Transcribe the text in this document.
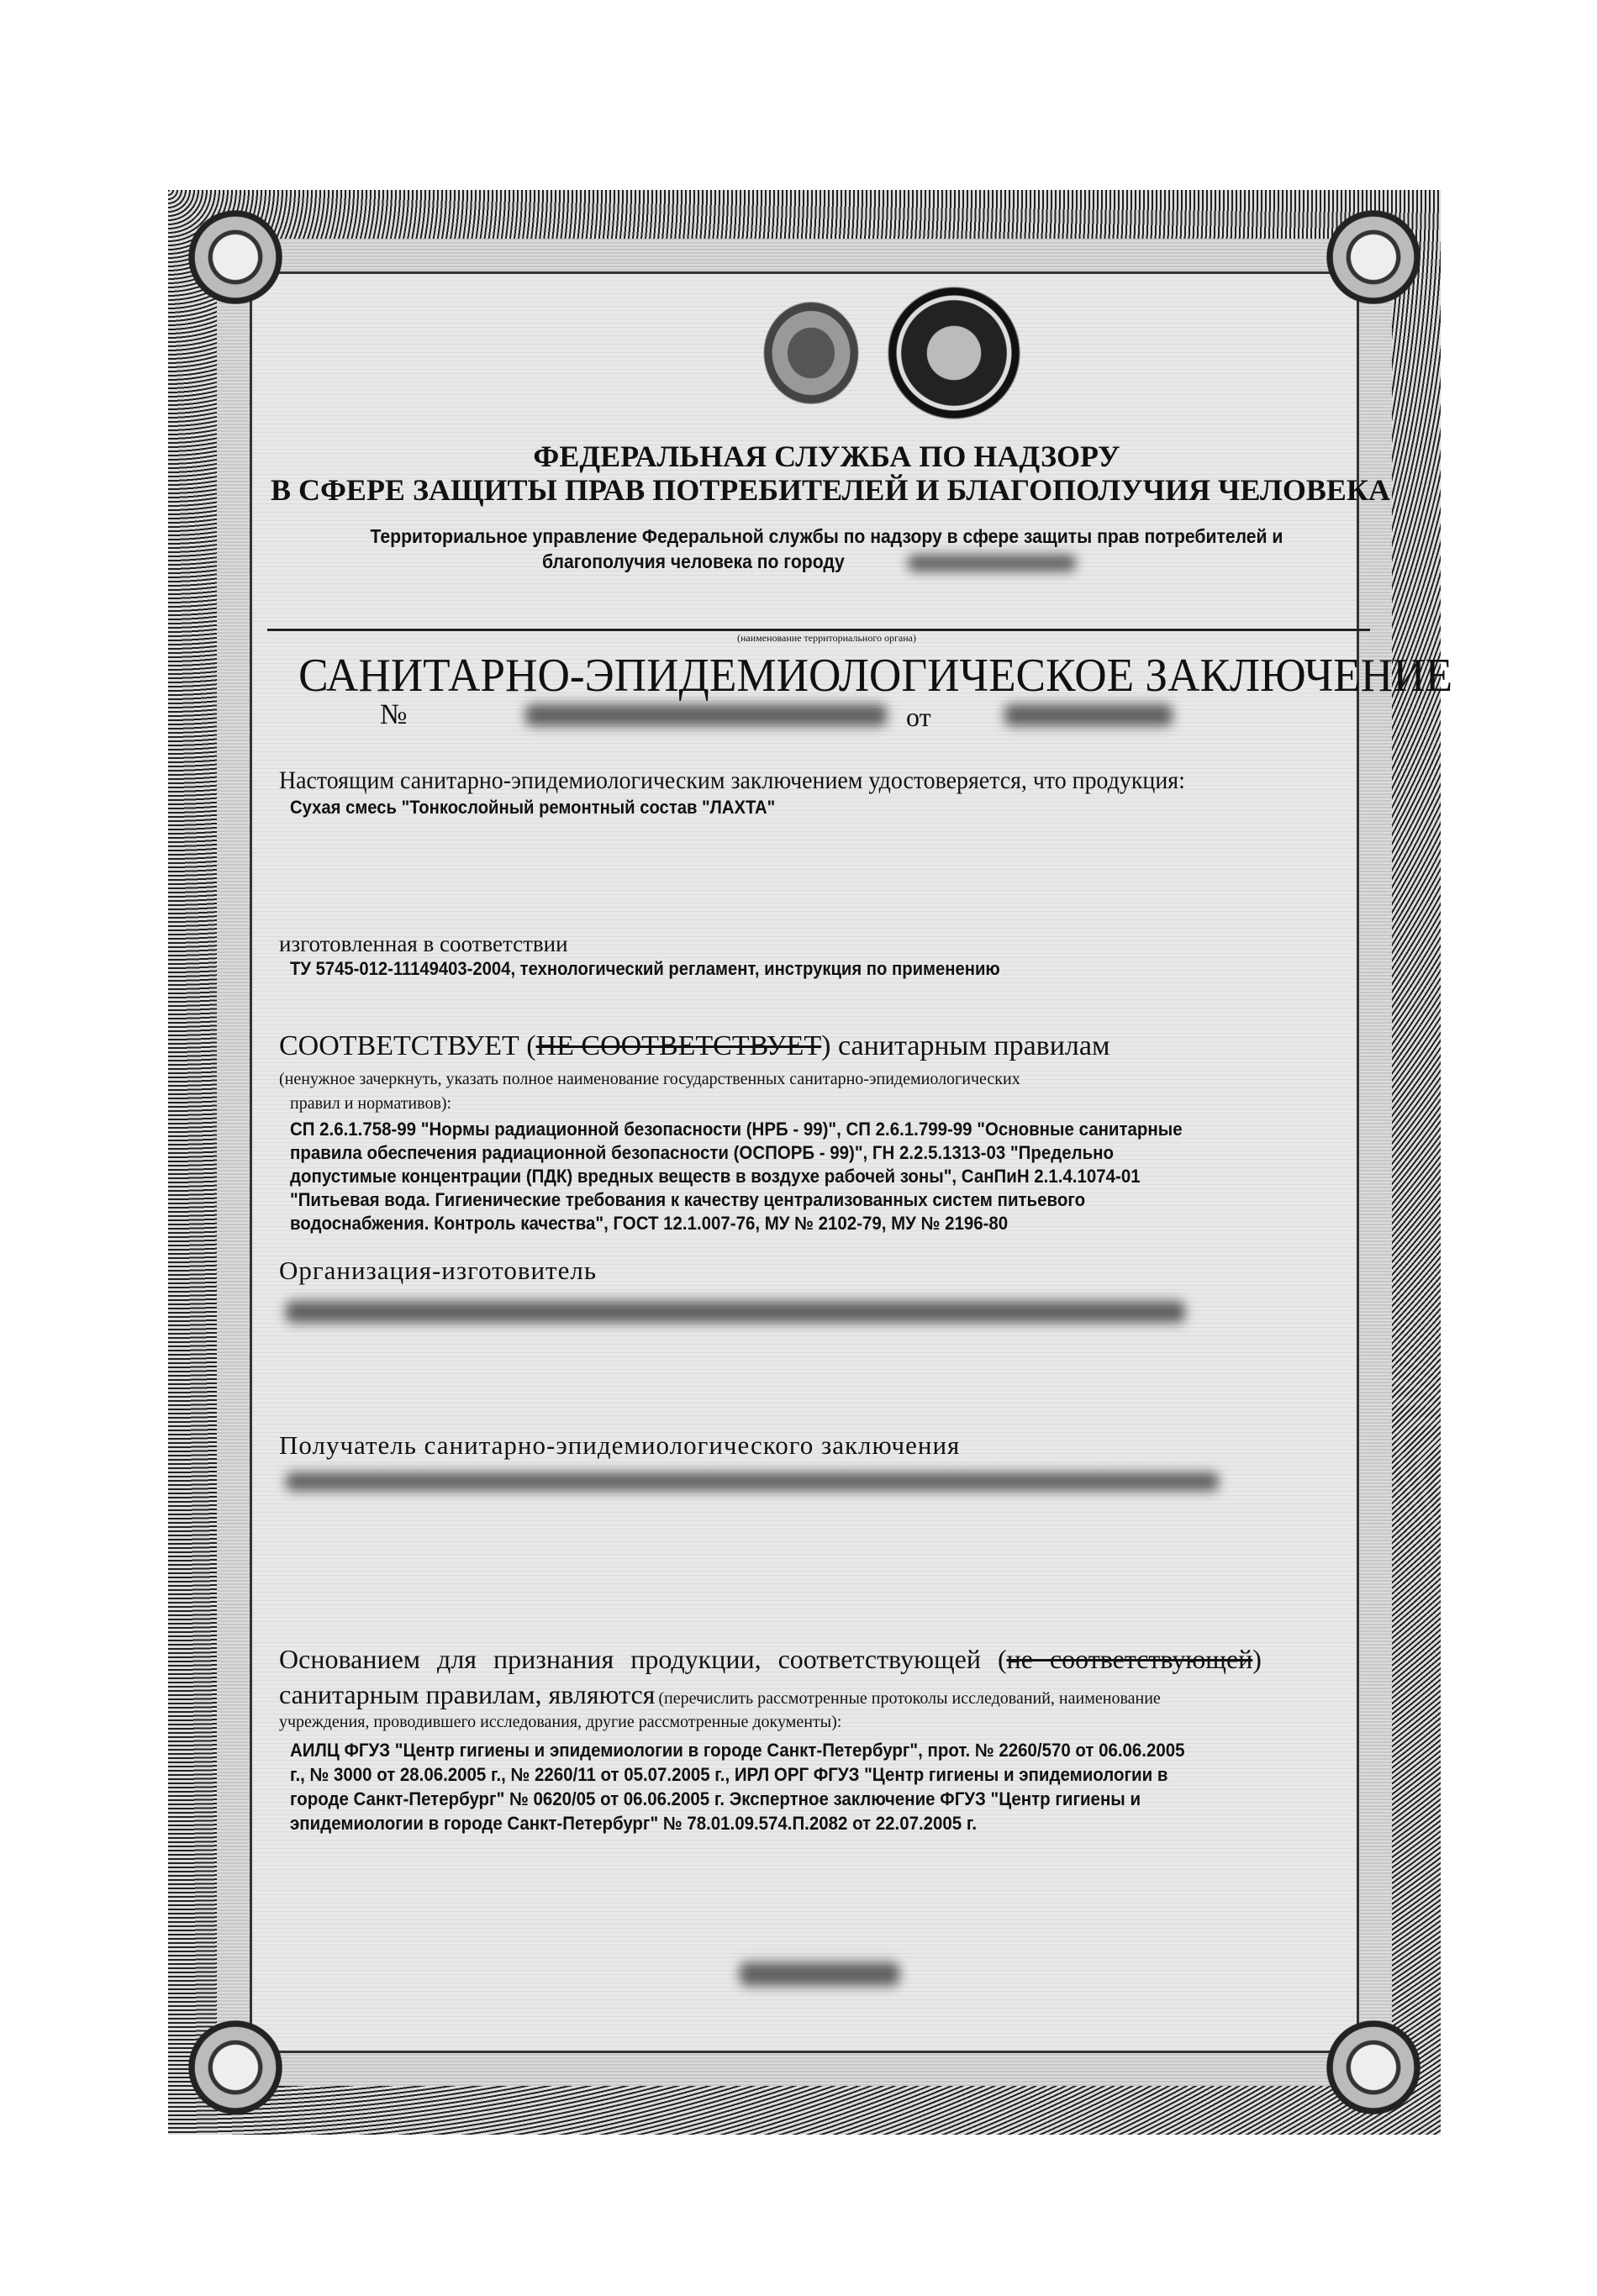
ФЕДЕРАЛЬНАЯ СЛУЖБА ПО НАДЗОРУ
В СФЕРЕ ЗАЩИТЫ ПРАВ ПОТРЕБИТЕЛЕЙ И БЛАГОПОЛУЧИЯ ЧЕЛОВЕКА
Территориальное управление Федеральной службы по надзору в сфере защиты прав потребителей и
благополучия человека по городу
(наименование территориального органа)
САНИТАРНО-ЭПИДЕМИОЛОГИЧЕСКОЕ ЗАКЛЮЧЕНИЕ
№	от
Настоящим санитарно-эпидемиологическим заключением удостоверяется, что продукция:
Сухая смесь "Тонкослойный ремонтный состав "ЛАХТА"
изготовленная в соответствии
ТУ 5745-012-11149403-2004, технологический регламент, инструкция по применению
СООТВЕТСТВУЕТ (НЕ СООТВЕТСТВУЕТ) санитарным правилам
(ненужное зачеркнуть, указать полное наименование государственных санитарно-эпидемиологических
правил и нормативов):
СП 2.6.1.758-99 "Нормы радиационной безопасности (НРБ - 99)", СП 2.6.1.799-99 "Основные санитарные
правила обеспечения радиационной безопасности (ОСПОРБ - 99)", ГН 2.2.5.1313-03 "Предельно
допустимые концентрации (ПДК) вредных веществ в воздухе рабочей зоны", СанПиН 2.1.4.1074-01
"Питьевая вода. Гигиенические требования к качеству централизованных систем питьевого
водоснабжения. Контроль качества", ГОСТ 12.1.007-76, МУ № 2102-79, МУ № 2196-80
Организация-изготовитель
Получатель санитарно-эпидемиологического заключения
Основанием для признания продукции, соответствующей (не соответствующей)
санитарным правилам, являются (перечислить рассмотренные протоколы исследований, наименование
учреждения, проводившего исследования, другие рассмотренные документы):
АИЛЦ ФГУЗ "Центр гигиены и эпидемиологии в городе Санкт-Петербург", прот. № 2260/570 от 06.06.2005
г., № 3000 от 28.06.2005 г., № 2260/11 от 05.07.2005 г., ИРЛ ОРГ ФГУЗ "Центр гигиены и эпидемиологии в
городе Санкт-Петербург" № 0620/05 от 06.06.2005 г. Экспертное заключение ФГУЗ "Центр гигиены и
эпидемиологии в городе Санкт-Петербург" № 78.01.09.574.П.2082 от 22.07.2005 г.
